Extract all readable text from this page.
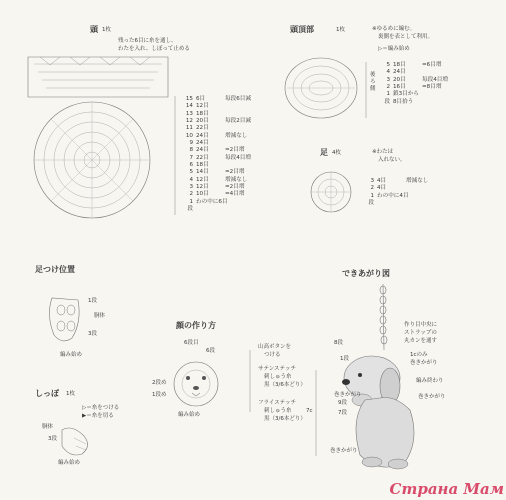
頭 1枚
残った6目に糸を通し、
わたを入れ、しぼって止める
15 6目	毎段6目減
14 12目
13 18目
12 20目	毎段2目減
11 22目
10 24目	増減なし
9 24目
8 24目	=2目増
7 22目	毎段4目増
6 18目
5 14目	=2目増
4 12目	増減なし
3 12目	=2目増
2 10目	=4目増
1 わの中に6目
段
頭頂部	1枚	※ゆるめに編む。
裏側を表として利用。
▷＝編み始め
後ろ側
5 18目	=6目増
4 24目
3 20目	毎段4目増
2 16目	=8目増
1 鎖3目から
段 8目拾う
足 4枚	※わたは
入れない。
3 4目	増減なし
2 4目
1 わの中に4目
段
足つけ位置
1段
胴体
3段
編み始め
顔の作り方
6段目
6段
2段め
1段め
編み始め
山高ボタンを
つける
サテンステッチ
刺しゅう糸
黒（3/6本どり）
フライステッチ
刺しゅう糸
黒（3/6本どり）
しっぽ 1枚
▷＝糸をつける
▶＝糸を切る
胴体
3段
編み始め
できあがり図
作り目中央に
ストラップの
丸カンを通す
8段
1段
1cのみ
巻きかがり
編み終わり
巻きかがり	巻きかがり
9段
7段
7c
巻きかがり
Страна Мам
